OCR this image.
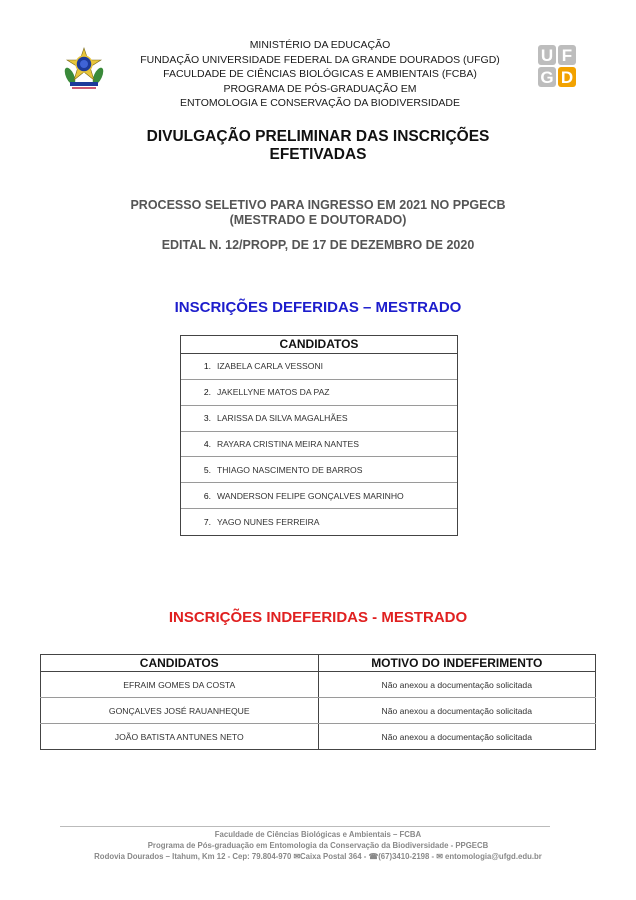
MINISTÉRIO DA EDUCAÇÃO
FUNDAÇÃO UNIVERSIDADE FEDERAL DA GRANDE DOURADOS (UFGD)
FACULDADE DE CIÊNCIAS BIOLÓGICAS E AMBIENTAIS (FCBA)
PROGRAMA DE PÓS-GRADUAÇÃO EM
ENTOMOLOGIA E CONSERVAÇÃO DA BIODIVERSIDADE
U F
G D
DIVULGAÇÃO PRELIMINAR DAS INSCRIÇÕES
EFETIVADAS
PROCESSO SELETIVO PARA INGRESSO EM 2021 NO PPGECB
(MESTRADO E DOUTORADO)
EDITAL N. 12/PROPP, DE 17 DE DEZEMBRO DE 2020
INSCRIÇÕES DEFERIDAS – MESTRADO
CANDIDATOS
1. IZABELA CARLA VESSONI
2. JAKELLYNE MATOS DA PAZ
3. LARISSA DA SILVA MAGALHÃES
4. RAYARA CRISTINA MEIRA NANTES
5. THIAGO NASCIMENTO DE BARROS
6. WANDERSON FELIPE GONÇALVES MARINHO
7. YAGO NUNES FERREIRA
INSCRIÇÕES INDEFERIDAS - MESTRADO
CANDIDATOS	MOTIVO DO INDEFERIMENTO
EFRAIM GOMES DA COSTA	Não anexou a documentação solicitada
GONÇALVES JOSÉ RAUANHEQUE	Não anexou a documentação solicitada
JOÃO BATISTA ANTUNES NETO	Não anexou a documentação solicitada
Faculdade de Ciências Biológicas e Ambientais – FCBA
Programa de Pós-graduação em Entomologia da Conservação da Biodiversidade - PPGECB
Rodovia Dourados – Itahum, Km 12 - Cep: 79.804-970 ✉Caixa Postal 364 - ☎(67)3410-2198 - ✉ entomologia@ufgd.edu.br
